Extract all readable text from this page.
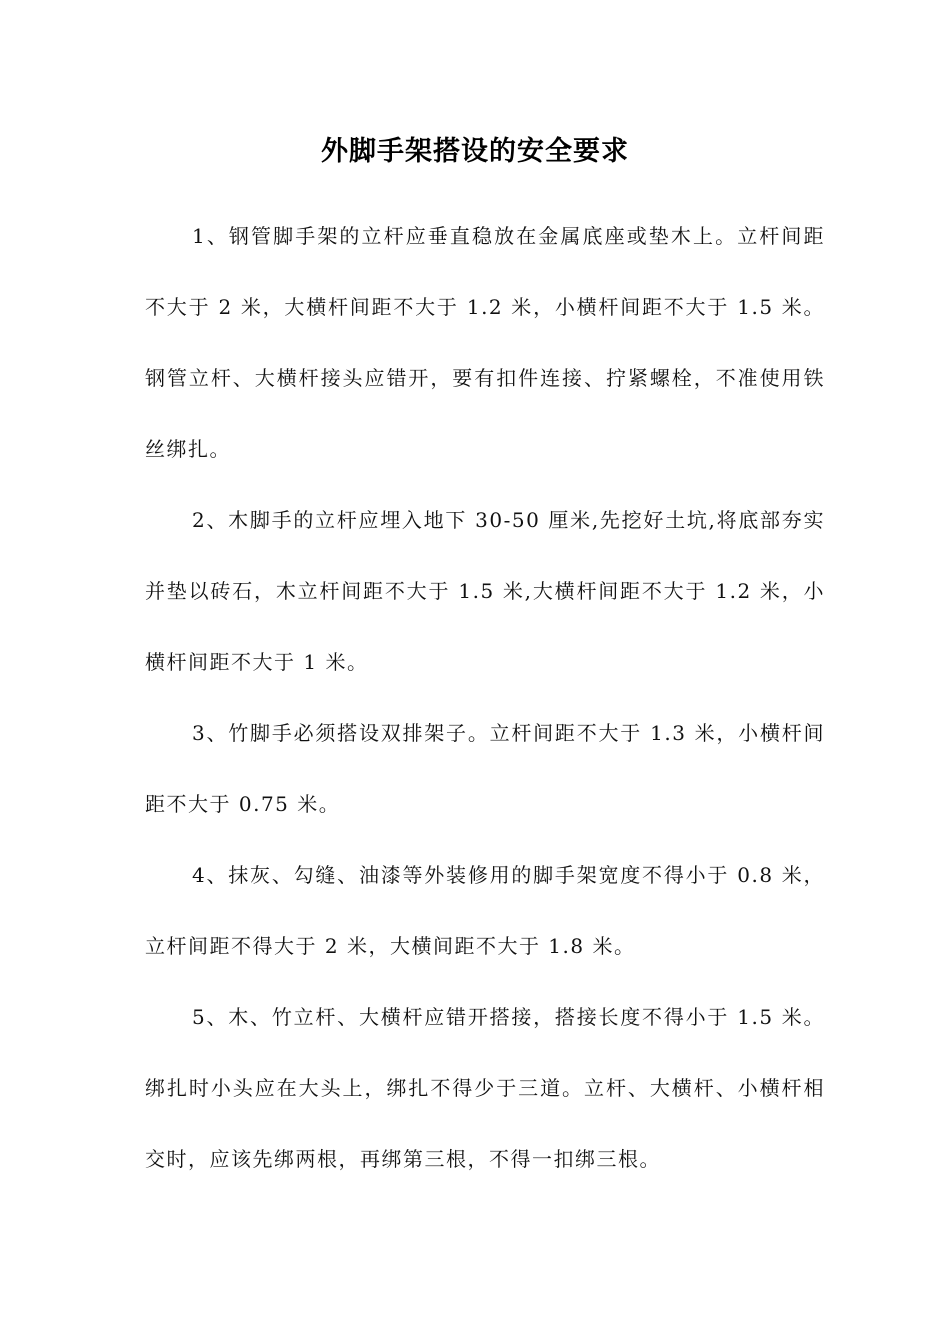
外脚手架搭设的安全要求

1、钢管脚手架的立杆应垂直稳放在金属底座或垫木上。立杆间距不大于 2 米，大横杆间距不大于 1.2 米，小横杆间距不大于 1.5 米。钢管立杆、大横杆接头应错开，要有扣件连接、拧紧螺栓，不准使用铁丝绑扎。

2、木脚手的立杆应埋入地下 30-50 厘米,先挖好土坑,将底部夯实并垫以砖石，木立杆间距不大于 1.5 米,大横杆间距不大于 1.2 米，小横杆间距不大于 1 米。

3、竹脚手必须搭设双排架子。立杆间距不大于 1.3 米，小横杆间距不大于 0.75 米。

4、抹灰、勾缝、油漆等外装修用的脚手架宽度不得小于 0.8 米，立杆间距不得大于 2 米，大横间距不大于 1.8 米。

5、木、竹立杆、大横杆应错开搭接，搭接长度不得小于 1.5 米。绑扎时小头应在大头上，绑扎不得少于三道。立杆、大横杆、小横杆相交时，应该先绑两根，再绑第三根，不得一扣绑三根。
